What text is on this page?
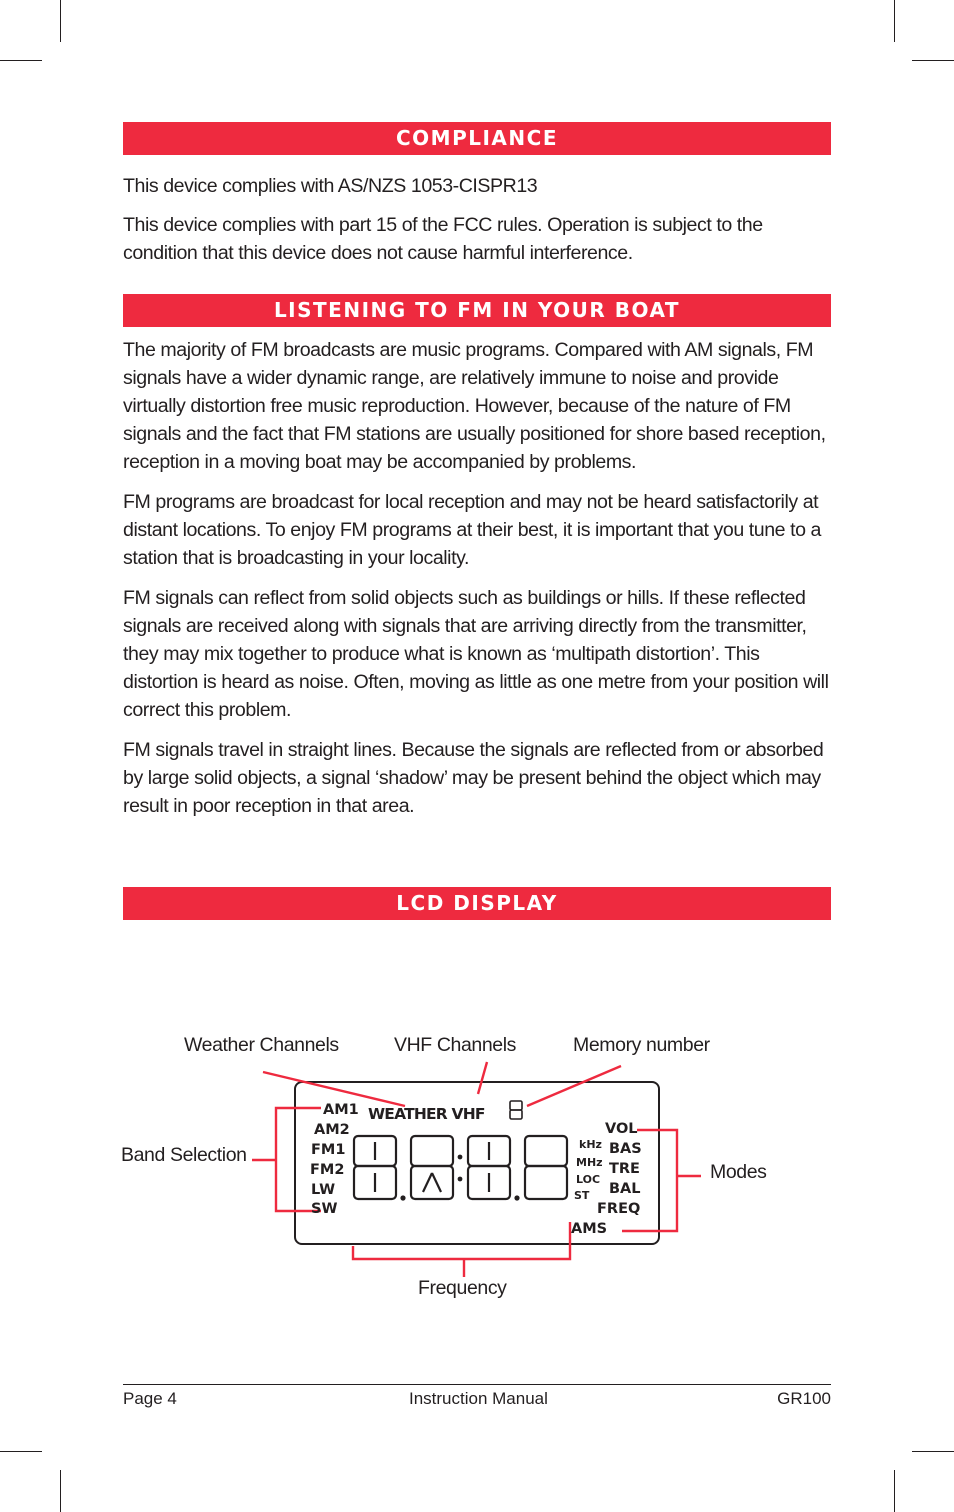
COMPLIANCE

This device complies with AS/NZS 1053-CISPR13

This device complies with part 15 of the FCC rules. Operation is subject to the condition that this device does not cause harmful interference.

LISTENING TO FM IN YOUR BOAT

The majority of FM broadcasts are music programs. Compared with AM signals, FM signals have a wider dynamic range, are relatively immune to noise and provide virtually distortion free music reproduction. However, because of the nature of FM signals and the fact that FM stations are usually positioned for shore based reception, reception in a moving boat may be accompanied by problems.

FM programs are broadcast for local reception and may not be heard satisfactorily at distant locations. To enjoy FM programs at their best, it is important that you tune to a station that is broadcasting in your locality.

FM signals can reflect from solid objects such as buildings or hills. If these reflected signals are received along with signals that are arriving directly from the transmitter, they may mix together to produce what is known as ‘multipath distortion’. This distortion is heard as noise. Often, moving as little as one metre from your position will correct this problem.

FM signals travel in straight lines. Because the signals are reflected from or absorbed by large solid objects, a signal ‘shadow’ may be present behind the object which may result in poor reception in that area.

LCD DISPLAY
Weather Channels	VHF Channels	Memory number
Band Selection
Modes
Frequency
AM1
AM2
FM1
FM2
LW
SW
WEATHER VHF
kHz
MHz
LOC
ST
VOL
BAS
TRE
BAL
FREQ
AMS
Page 4	Instruction Manual	GR100
